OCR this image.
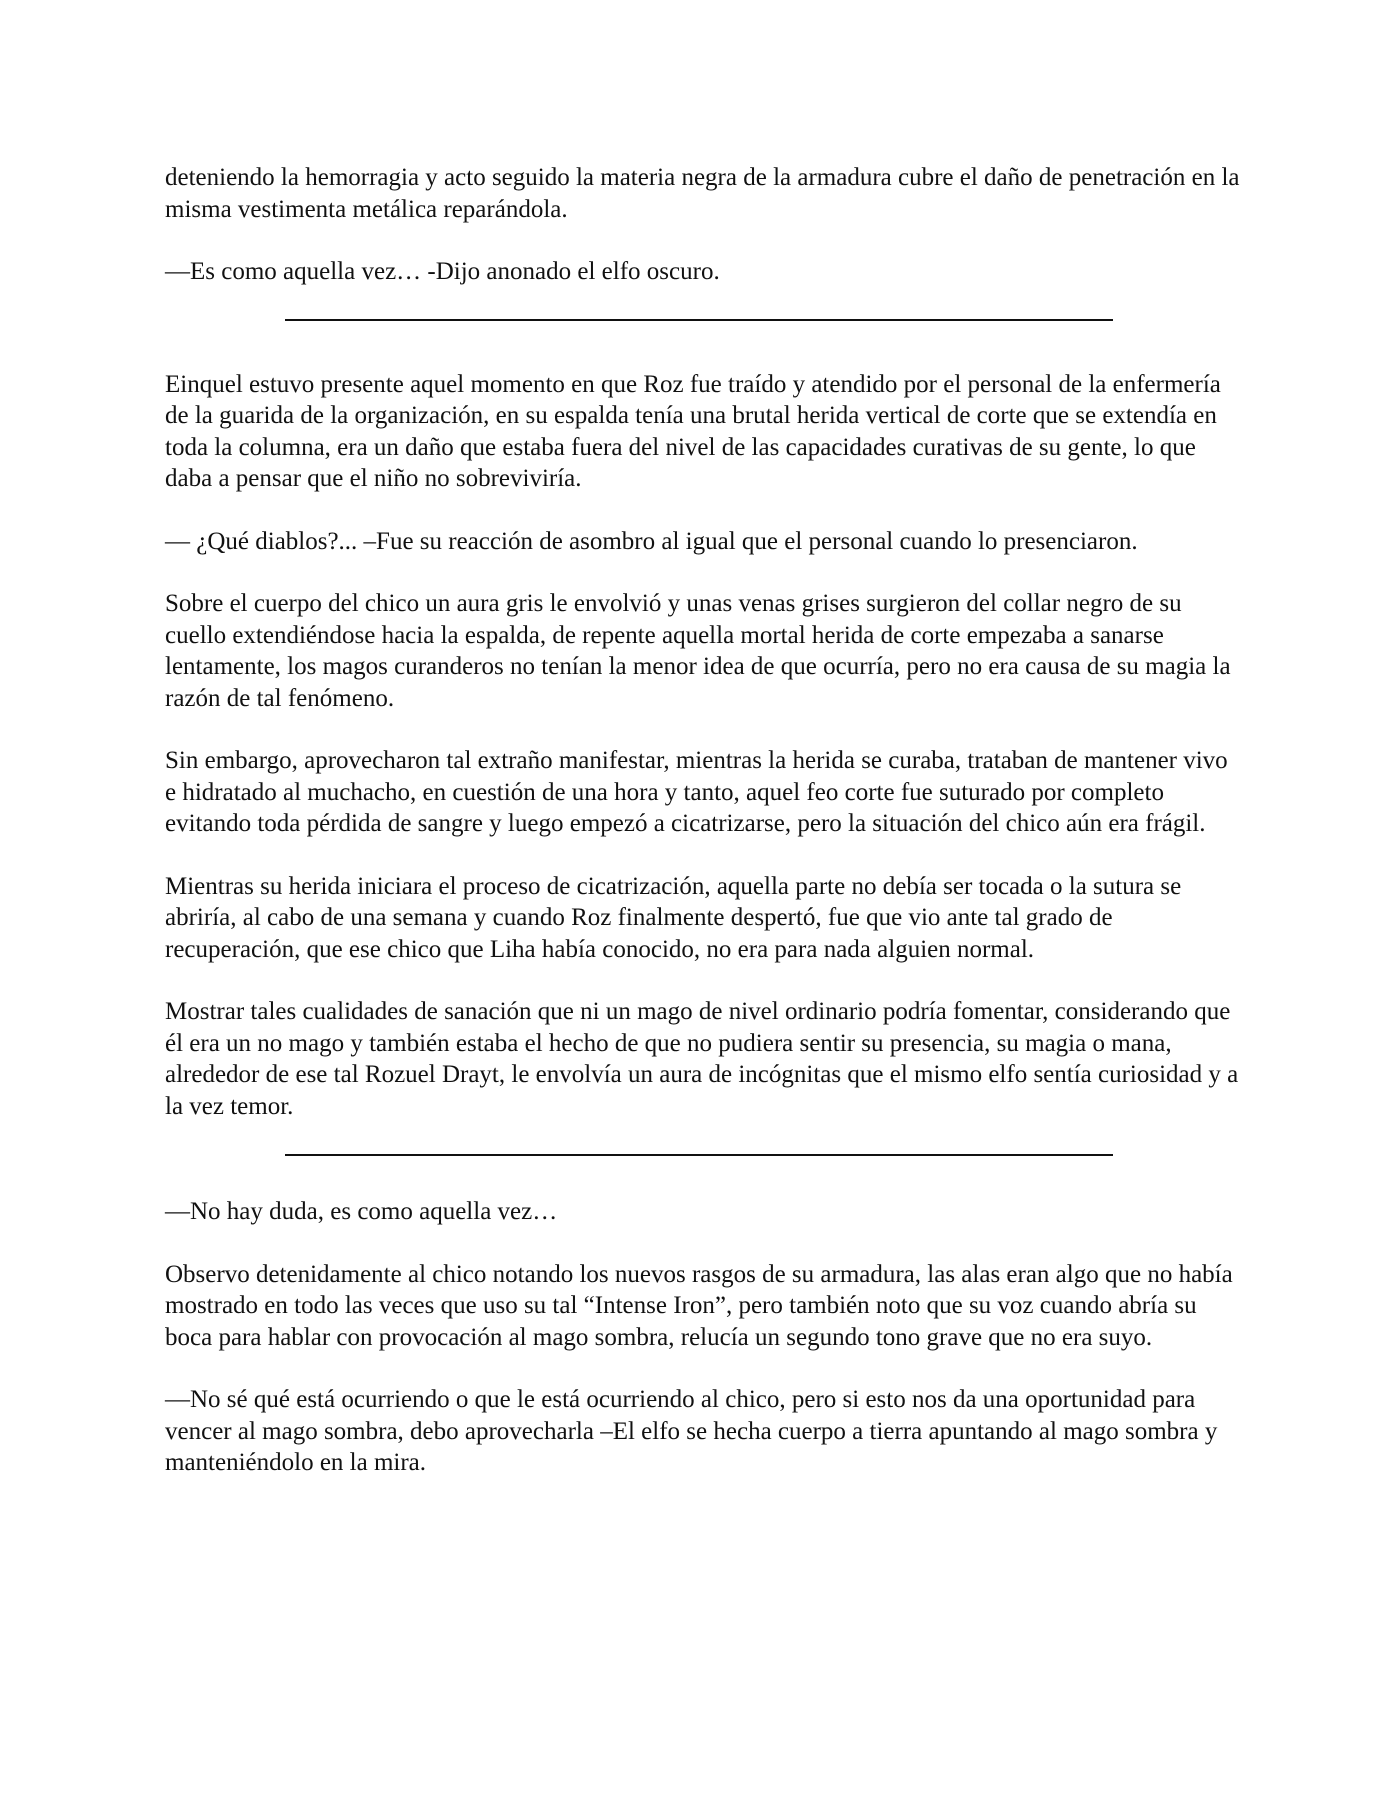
deteniendo la hemorragia y acto seguido la materia negra de la armadura cubre el daño de penetración en la misma vestimenta metálica reparándola.

—Es como aquella vez… -Dijo anonado el elfo oscuro.

Einquel estuvo presente aquel momento en que Roz fue traído y atendido por el personal de la enfermería de la guarida de la organización, en su espalda tenía una brutal herida vertical de corte que se extendía en toda la columna, era un daño que estaba fuera del nivel de las capacidades curativas de su gente, lo que daba a pensar que el niño no sobreviviría.

— ¿Qué diablos?... –Fue su reacción de asombro al igual que el personal cuando lo presenciaron.

Sobre el cuerpo del chico un aura gris le envolvió y unas venas grises surgieron del collar negro de su cuello extendiéndose hacia la espalda, de repente aquella mortal herida de corte empezaba a sanarse lentamente, los magos curanderos no tenían la menor idea de que ocurría, pero no era causa de su magia la razón de tal fenómeno.

Sin embargo, aprovecharon tal extraño manifestar, mientras la herida se curaba, trataban de mantener vivo e hidratado al muchacho, en cuestión de una hora y tanto, aquel feo corte fue suturado por completo evitando toda pérdida de sangre y luego empezó a cicatrizarse, pero la situación del chico aún era frágil.

Mientras su herida iniciara el proceso de cicatrización, aquella parte no debía ser tocada o la sutura se abriría, al cabo de una semana y cuando Roz finalmente despertó, fue que vio ante tal grado de recuperación, que ese chico que Liha había conocido, no era para nada alguien normal.

Mostrar tales cualidades de sanación que ni un mago de nivel ordinario podría fomentar, considerando que él era un no mago y también estaba el hecho de que no pudiera sentir su presencia, su magia o mana, alrededor de ese tal Rozuel Drayt, le envolvía un aura de incógnitas que el mismo elfo sentía curiosidad y a la vez temor.

—No hay duda, es como aquella vez…

Observo detenidamente al chico notando los nuevos rasgos de su armadura, las alas eran algo que no había mostrado en todo las veces que uso su tal “Intense Iron”, pero también noto que su voz cuando abría su boca para hablar con provocación al mago sombra, relucía un segundo tono grave que no era suyo.

—No sé qué está ocurriendo o que le está ocurriendo al chico, pero si esto nos da una oportunidad para vencer al mago sombra, debo aprovecharla –El elfo se hecha cuerpo a tierra apuntando al mago sombra y manteniéndolo en la mira.
